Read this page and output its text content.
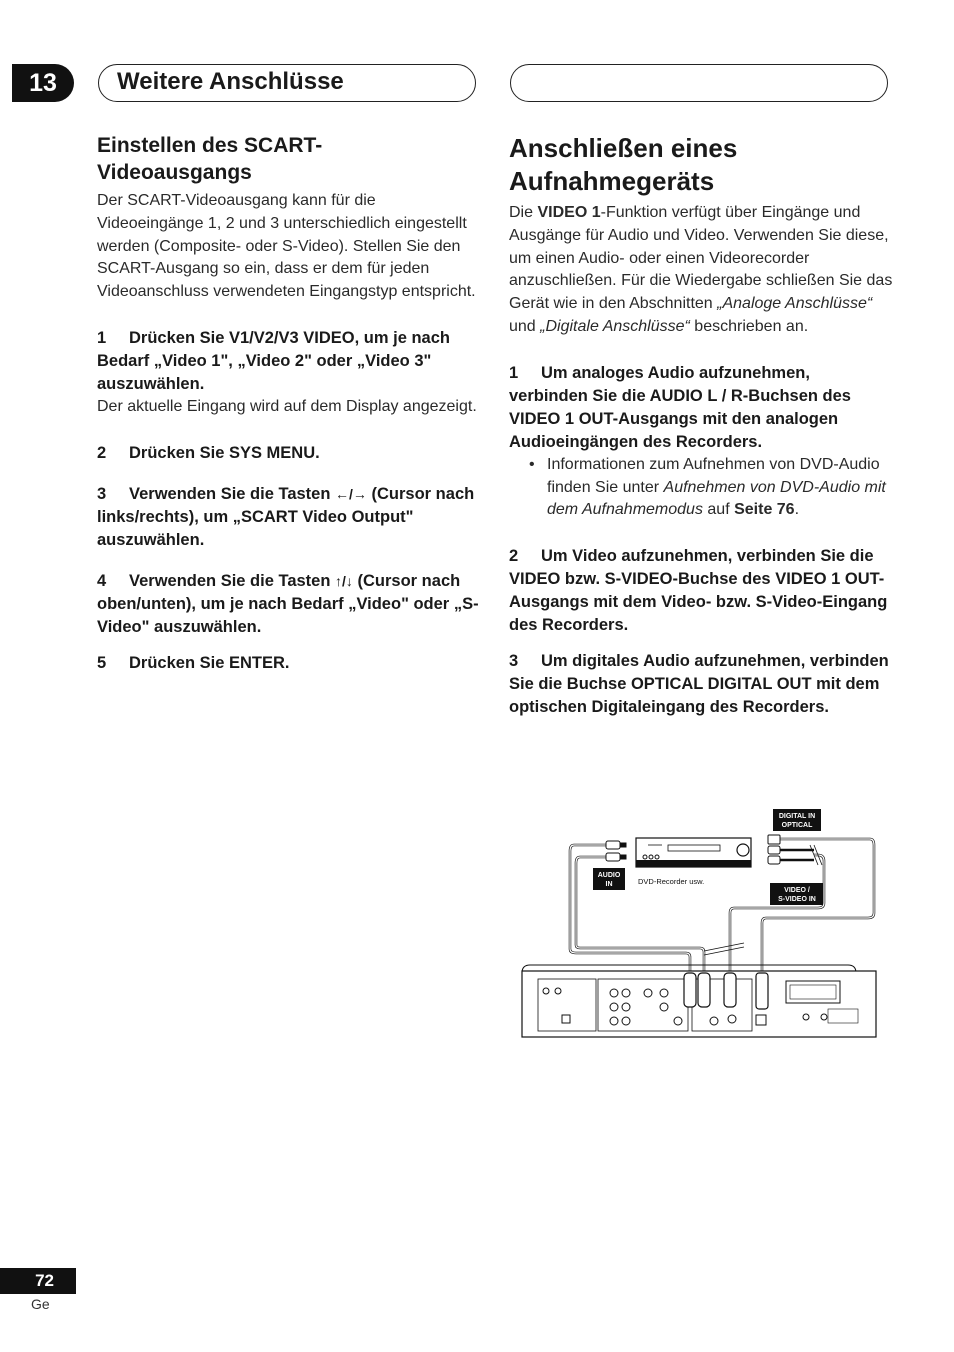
13	Weitere Anschlüsse
Einstellen des SCART-Videoausgangs

Der SCART-Videoausgang kann für die Videoeingänge 1, 2 und 3 unterschiedlich eingestellt werden (Composite- oder S-Video). Stellen Sie den SCART-Ausgang so ein, dass er dem für jeden Videoanschluss verwendeten Eingangstyp entspricht.

1 Drücken Sie V1/V2/V3 VIDEO, um je nach Bedarf „Video 1", „Video 2" oder „Video 3" auszuwählen.

Der aktuelle Eingang wird auf dem Display angezeigt.

2 Drücken Sie SYS MENU.

3 Verwenden Sie die Tasten ←/→ (Cursor nach links/rechts), um „SCART Video Output" auszuwählen.

4 Verwenden Sie die Tasten ↑/↓ (Cursor nach oben/unten), um je nach Bedarf „Video" oder „S-Video" auszuwählen.

5 Drücken Sie ENTER.

Anschließen eines Aufnahmegeräts

Die VIDEO 1-Funktion verfügt über Eingänge und Ausgänge für Audio und Video. Verwenden Sie diese, um einen Audio- oder einen Videorecorder anzuschließen. Für die Wiedergabe schließen Sie das Gerät wie in den Abschnitten „Analoge Anschlüsse“ und „Digitale Anschlüsse“ beschrieben an.

1 Um analoges Audio aufzunehmen, verbinden Sie die AUDIO L / R-Buchsen des VIDEO 1 OUT-Ausgangs mit den analogen Audioeingängen des Recorders.

• Informationen zum Aufnehmen von DVD-Audio finden Sie unter Aufnehmen von DVD-Audio mit dem Aufnahmemodus auf Seite 76.

2 Um Video aufzunehmen, verbinden Sie die VIDEO bzw. S-VIDEO-Buchse des VIDEO 1 OUT-Ausgangs mit dem Video- bzw. S-Video-Eingang des Recorders.

3 Um digitales Audio aufzunehmen, verbinden Sie die Buchse OPTICAL DIGITAL OUT mit dem optischen Digitaleingang des Recorders.

DIGITAL IN
OPTICAL
DVD-Recorder usw.
AUDIO
IN
VIDEO /
S-VIDEO IN
72
Ge
